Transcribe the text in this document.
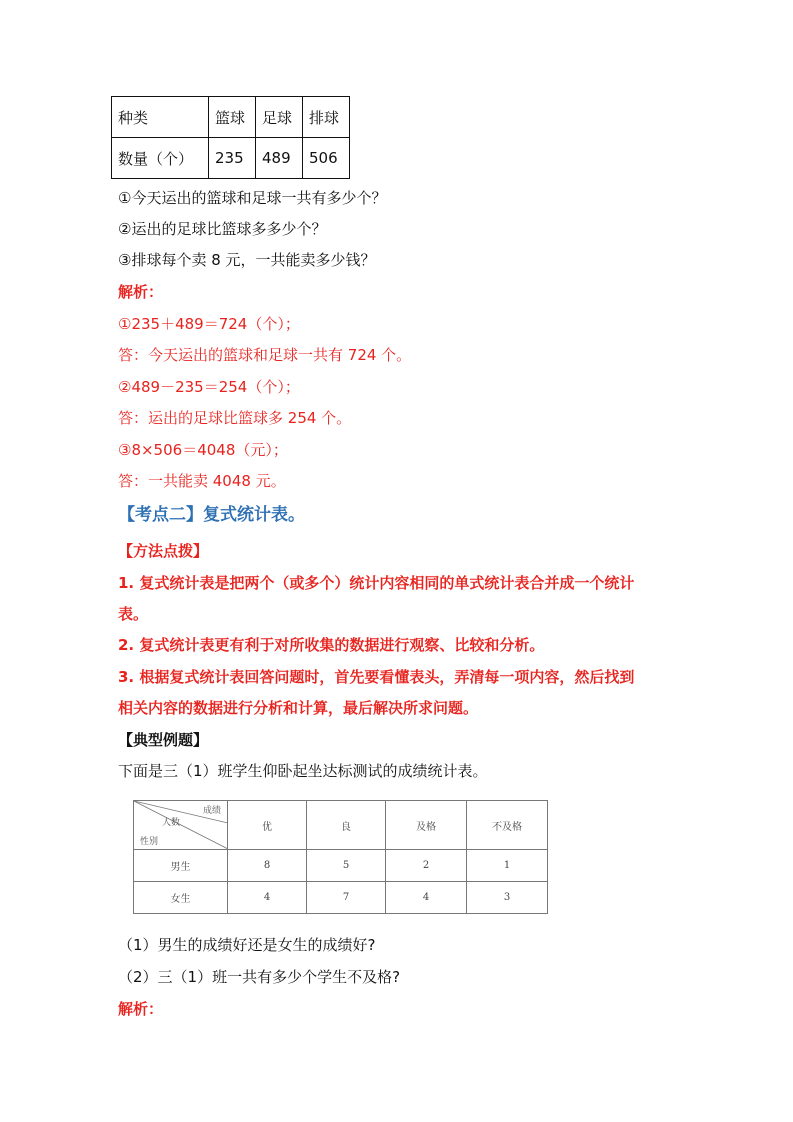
种类	篮球	足球	排球
数量（个）	235	489	506
①今天运出的篮球和足球一共有多少个？
②运出的足球比篮球多多少个？
③排球每个卖 8 元，一共能卖多少钱？
解析：
①235＋489＝724（个）；
答：今天运出的篮球和足球一共有 724 个。
②489－235＝254（个）；
答：运出的足球比篮球多 254 个。
③8×506＝4048（元）；
答：一共能卖 4048 元。
【考点二】复式统计表。
【方法点拨】
1. 复式统计表是把两个（或多个）统计内容相同的单式统计表合并成一个统计
表。
2. 复式统计表更有利于对所收集的数据进行观察、比较和分析。
3. 根据复式统计表回答问题时，首先要看懂表头，弄清每一项内容，然后找到
相关内容的数据进行分析和计算，最后解决所求问题。
【典型例题】
下面是三（1）班学生仰卧起坐达标测试的成绩统计表。
成绩
人数
性别	优	良	及格	不及格
男生	8	5	2	1
女生	4	7	4	3
（1）男生的成绩好还是女生的成绩好?
（2）三（1）班一共有多少个学生不及格?
解析：
